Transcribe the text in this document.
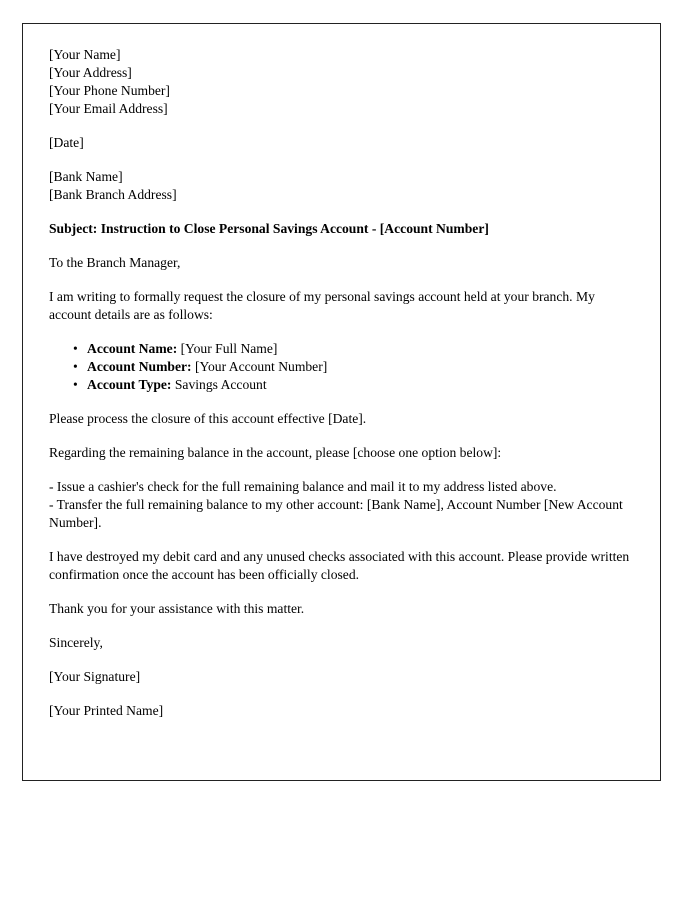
[Your Name]
[Your Address]
[Your Phone Number]
[Your Email Address]
[Date]
[Bank Name]
[Bank Branch Address]

Subject: Instruction to Close Personal Savings Account - [Account Number]

To the Branch Manager,

I am writing to formally request the closure of my personal savings account held at your branch. My account details are as follows:

• Account Name: [Your Full Name]
• Account Number: [Your Account Number]
• Account Type: Savings Account

Please process the closure of this account effective [Date].

Regarding the remaining balance in the account, please [choose one option below]:

- Issue a cashier's check for the full remaining balance and mail it to my address listed above.
- Transfer the full remaining balance to my other account: [Bank Name], Account Number [New Account Number].

I have destroyed my debit card and any unused checks associated with this account. Please provide written confirmation once the account has been officially closed.

Thank you for your assistance with this matter.

Sincerely,

[Your Signature]

[Your Printed Name]
